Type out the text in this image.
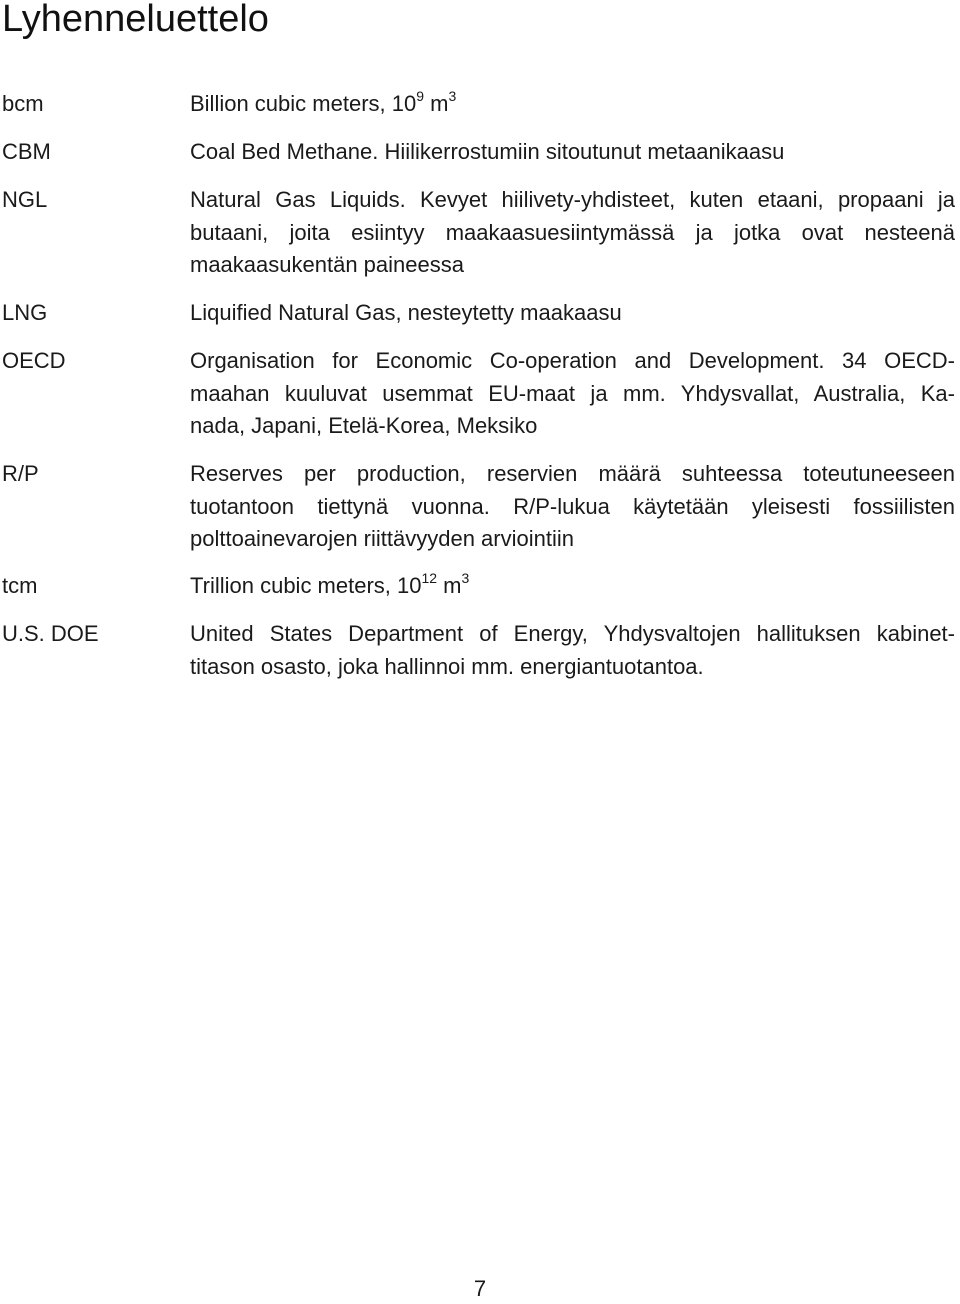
Lyhenneluettelo
bcm	Billion cubic meters, $10^9$ $m^3$
CBM	Coal Bed Methane. Hiilikerrostumiin sitoutunut metaanikaasu
NGL	Natural Gas Liquids. Kevyet hiilivety-yhdisteet, kuten etaani, propaani ja
butaani, joita esiintyy maakaasuesiintymässä ja jotka ovat nesteenä
maakaasukentän paineessa
LNG	Liquified Natural Gas, nesteytetty maakaasu
OECD	Organisation for Economic Co-operation and Development. 34 OECD-
maahan kuuluvat usemmat EU-maat ja mm. Yhdysvallat, Australia, Ka-
nada, Japani, Etelä-Korea, Meksiko
R/P	Reserves per production, reservien määrä suhteessa toteutuneeseen
tuotantoon tiettynä vuonna. R/P-lukua käytetään yleisesti fossiilisten
polttoainevarojen riittävyyden arviointiin
tcm	Trillion cubic meters, $10^{12}$ $m^3$
U.S. DOE	United States Department of Energy, Yhdysvaltojen hallituksen kabinet-
titason osasto, joka hallinnoi mm. energiantuotantoa.
7
